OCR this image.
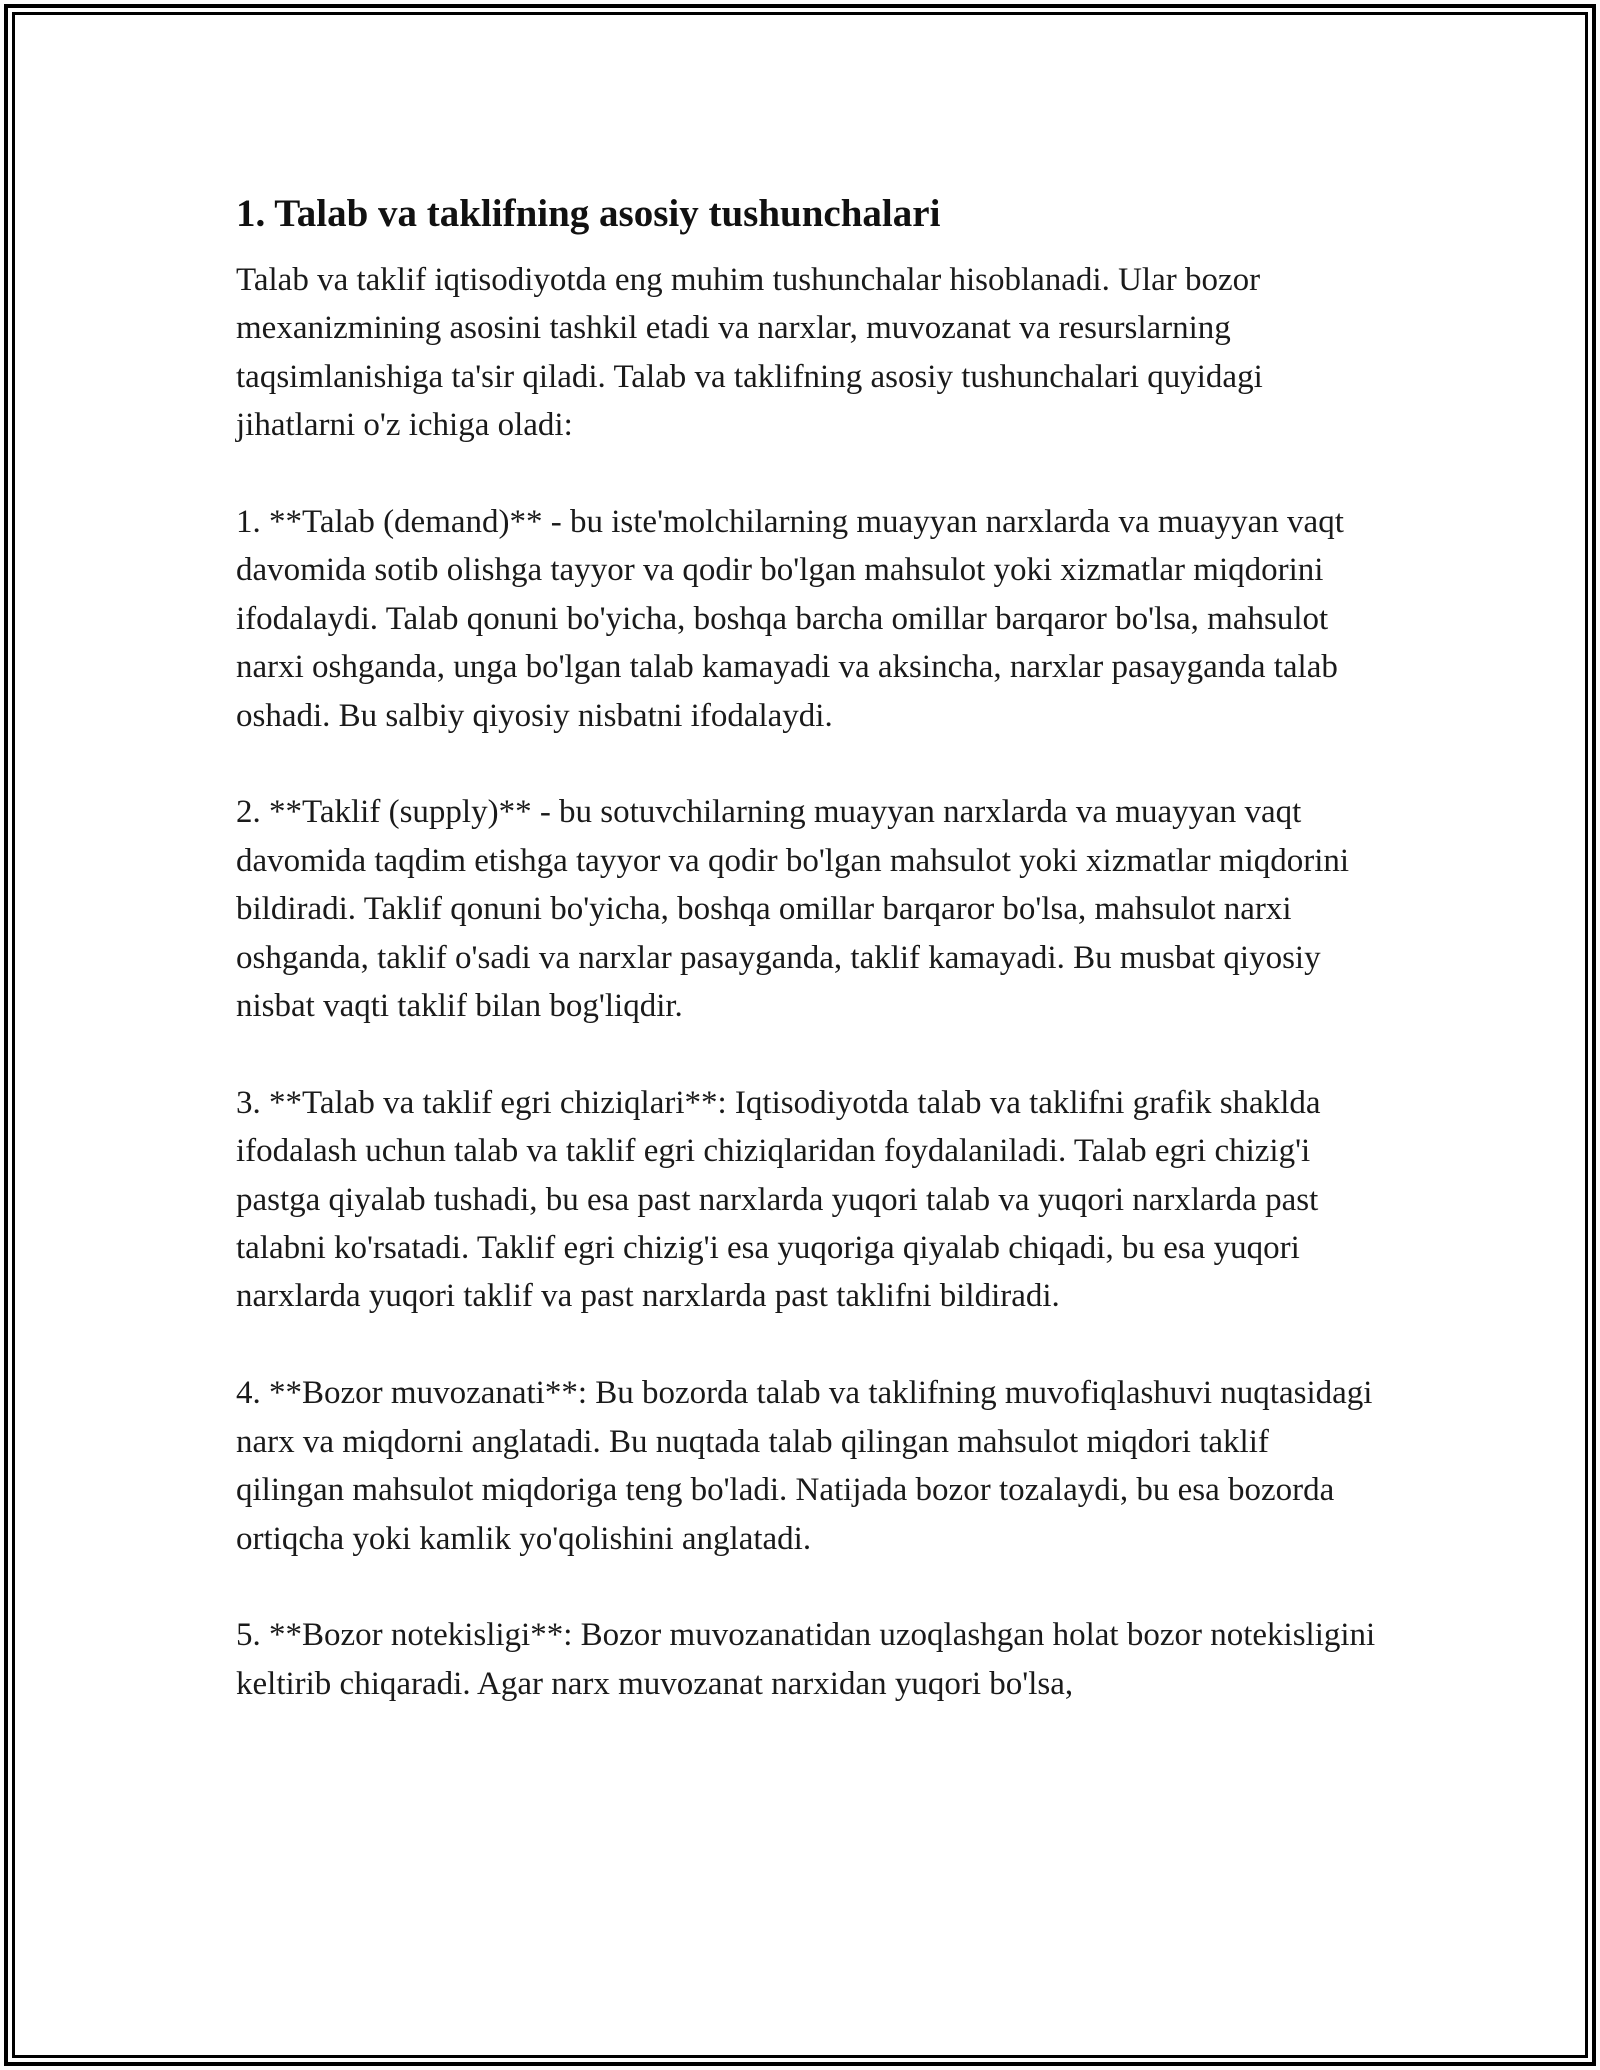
1. Talab va taklifning asosiy tushunchalari

Talab va taklif iqtisodiyotda eng muhim tushunchalar hisoblanadi. Ular bozor mexanizmining asosini tashkil etadi va narxlar, muvozanat va resurslarning taqsimlanishiga ta'sir qiladi. Talab va taklifning asosiy tushunchalari quyidagi jihatlarni o'z ichiga oladi:

1. **Talab (demand)** - bu iste'molchilarning muayyan narxlarda va muayyan vaqt davomida sotib olishga tayyor va qodir bo'lgan mahsulot yoki xizmatlar miqdorini ifodalaydi. Talab qonuni bo'yicha, boshqa barcha omillar barqaror bo'lsa, mahsulot narxi oshganda, unga bo'lgan talab kamayadi va aksincha, narxlar pasayganda talab oshadi. Bu salbiy qiyosiy nisbatni ifodalaydi.

2. **Taklif (supply)** - bu sotuvchilarning muayyan narxlarda va muayyan vaqt davomida taqdim etishga tayyor va qodir bo'lgan mahsulot yoki xizmatlar miqdorini bildiradi. Taklif qonuni bo'yicha, boshqa omillar barqaror bo'lsa, mahsulot narxi oshganda, taklif o'sadi va narxlar pasayganda, taklif kamayadi. Bu musbat qiyosiy nisbat vaqti taklif bilan bog'liqdir.

3. **Talab va taklif egri chiziqlari**: Iqtisodiyotda talab va taklifni grafik shaklda ifodalash uchun talab va taklif egri chiziqlaridan foydalaniladi. Talab egri chizig'i pastga qiyalab tushadi, bu esa past narxlarda yuqori talab va yuqori narxlarda past talabni ko'rsatadi. Taklif egri chizig'i esa yuqoriga qiyalab chiqadi, bu esa yuqori narxlarda yuqori taklif va past narxlarda past taklifni bildiradi.

4. **Bozor muvozanati**: Bu bozorda talab va taklifning muvofiqlashuvi nuqtasidagi narx va miqdorni anglatadi. Bu nuqtada talab qilingan mahsulot miqdori taklif qilingan mahsulot miqdoriga teng bo'ladi. Natijada bozor tozalaydi, bu esa bozorda ortiqcha yoki kamlik yo'qolishini anglatadi.

5. **Bozor notekisligi**: Bozor muvozanatidan uzoqlashgan holat bozor notekisligini keltirib chiqaradi. Agar narx muvozanat narxidan yuqori bo'lsa,
